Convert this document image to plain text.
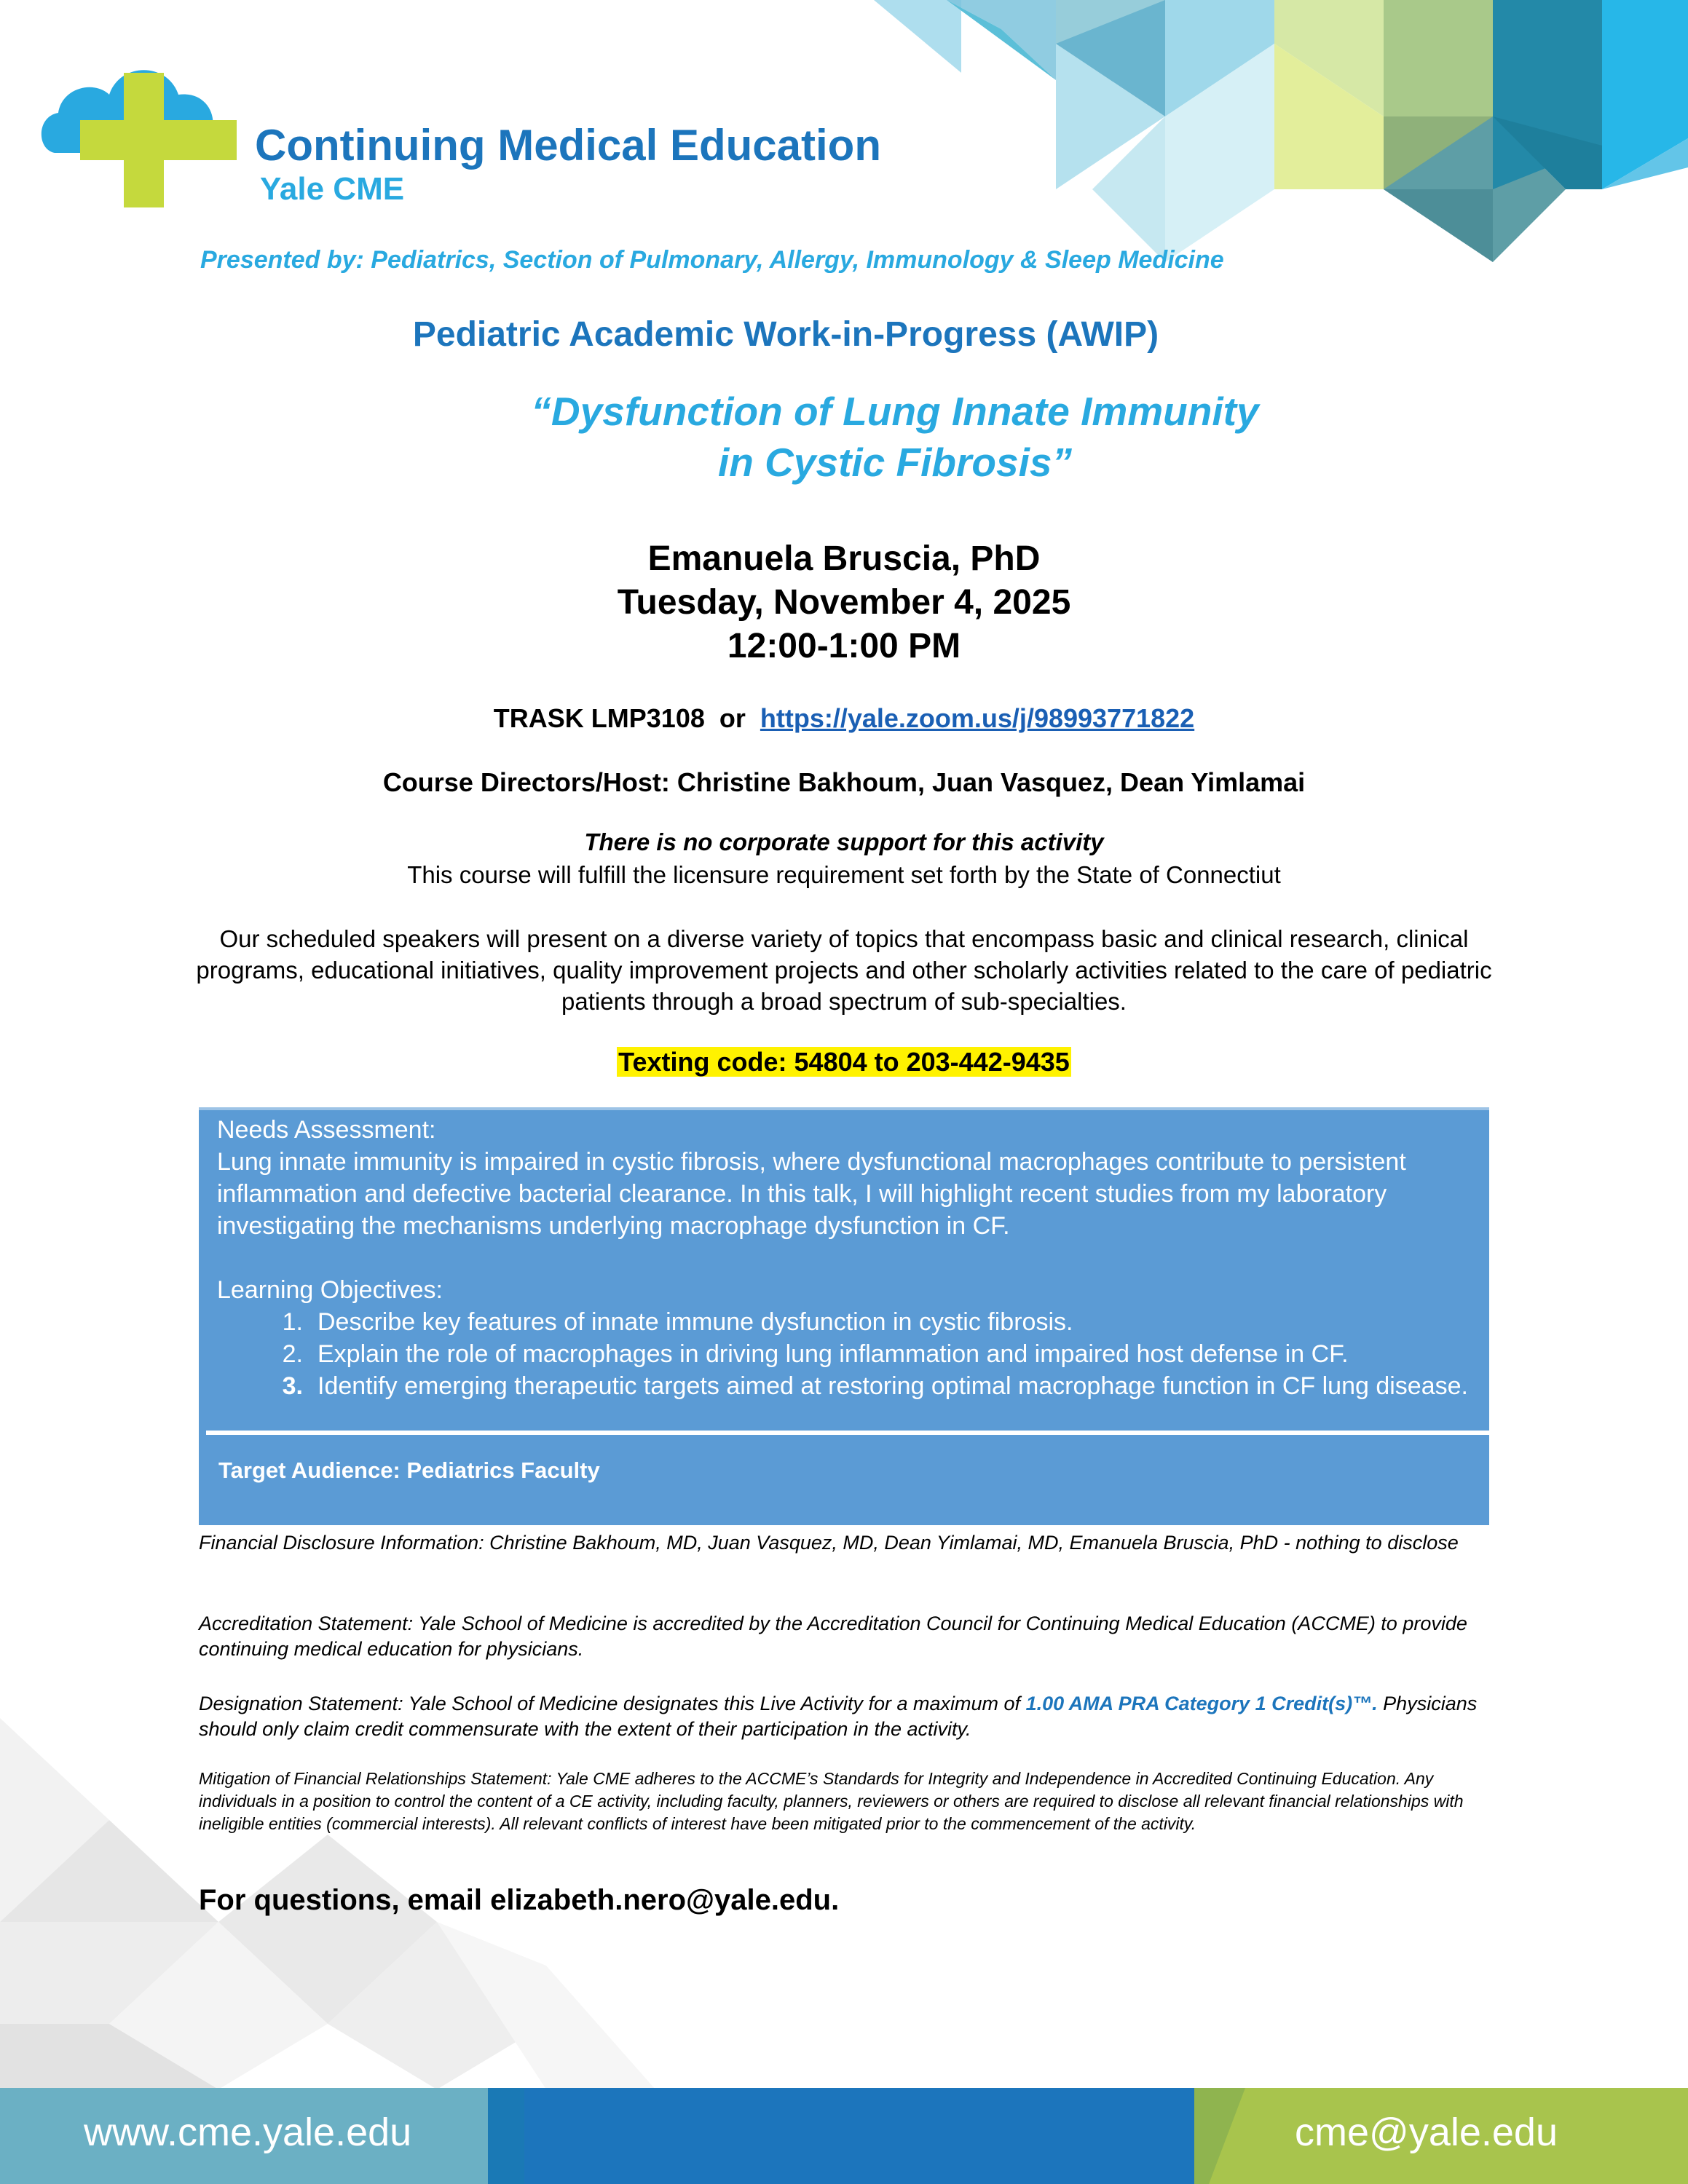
Continuing Medical Education
Yale CME
Presented by: Pediatrics, Section of Pulmonary, Allergy, Immunology & Sleep Medicine
Pediatric Academic Work-in-Progress (AWIP)
“Dysfunction of Lung Innate Immunity
in Cystic Fibrosis”
Emanuela Bruscia, PhD
Tuesday, November 4, 2025
12:00-1:00 PM
TRASK LMP3108  or  https://yale.zoom.us/j/98993771822
Course Directors/Host: Christine Bakhoum, Juan Vasquez, Dean Yimlamai
There is no corporate support for this activity
This course will fulfill the licensure requirement set forth by the State of Connectiut
Our scheduled speakers will present on a diverse variety of topics that encompass basic and clinical research, clinical programs, educational initiatives, quality improvement projects and other scholarly activities related to the care of pediatric patients through a broad spectrum of sub-specialties.
Texting code: 54804 to 203-442-9435

Needs Assessment:

Lung innate immunity is impaired in cystic fibrosis, where dysfunctional macrophages contribute to persistent inflammation and defective bacterial clearance. In this talk, I will highlight recent studies from my laboratory investigating the mechanisms underlying macrophage dysfunction in CF.

Learning Objectives:

1. Describe key features of innate immune dysfunction in cystic fibrosis.
2. Explain the role of macrophages in driving lung inflammation and impaired host defense in CF.
3. Identify emerging therapeutic targets aimed at restoring optimal macrophage function in CF lung disease.
Target Audience: Pediatrics Faculty
Financial Disclosure Information: Christine Bakhoum, MD, Juan Vasquez, MD, Dean Yimlamai, MD, Emanuela Bruscia, PhD - nothing to disclose
Accreditation Statement: Yale School of Medicine is accredited by the Accreditation Council for Continuing Medical Education (ACCME) to provide continuing medical education for physicians.
Designation Statement: Yale School of Medicine designates this Live Activity for a maximum of 1.00 AMA PRA Category 1 Credit(s)™. Physicians should only claim credit commensurate with the extent of their participation in the activity.
Mitigation of Financial Relationships Statement: Yale CME adheres to the ACCME’s Standards for Integrity and Independence in Accredited Continuing Education. Any individuals in a position to control the content of a CE activity, including faculty, planners, reviewers or others are required to disclose all relevant financial relationships with ineligible entities (commercial interests). All relevant conflicts of interest have been mitigated prior to the commencement of the activity.
For questions, email elizabeth.nero@yale.edu.
www.cme.yale.edu	cme@yale.edu
